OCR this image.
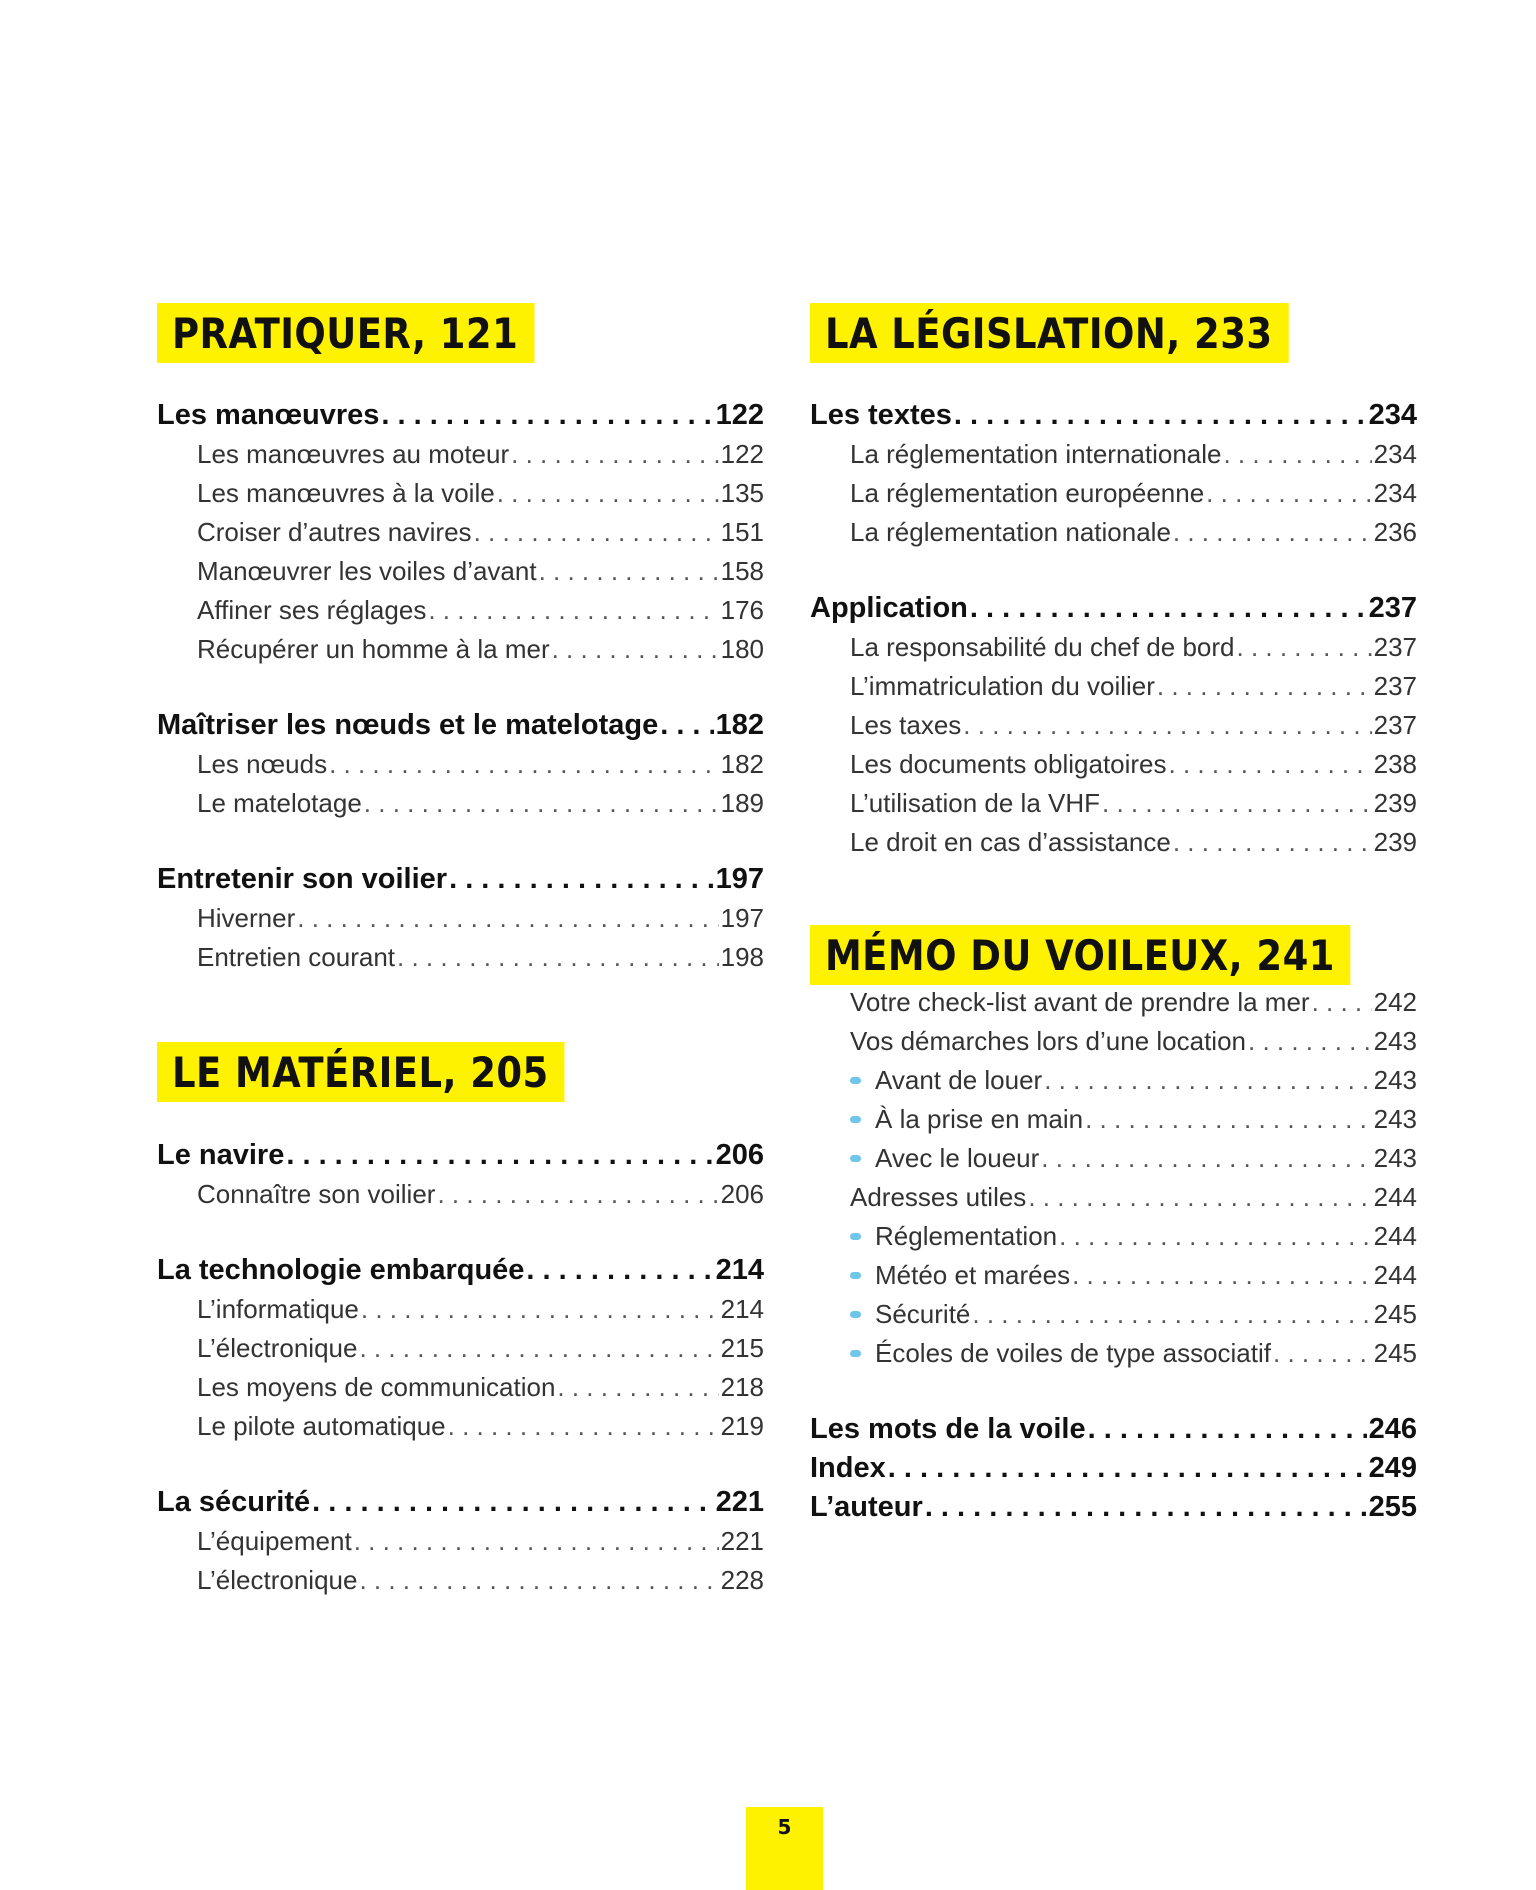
PRATIQUER, 121
Les manœuvres . . .	122
Les manœuvres au moteur . . .	122
Les manœuvres à la voile . . .	135
Croiser d’autres navires . . .	151
Manœuvrer les voiles d’avant . . .	158
Affiner ses réglages . . .	176
Récupérer un homme à la mer . . .	180
Maîtriser les nœuds et le matelotage . . . 182
Les nœuds . . .	182
Le matelotage . . .	189
Entretenir son voilier . . .	197
Hiverner . . .	197
Entretien courant . . .	198
LE MATÉRIEL, 205
Le navire . . .	206
Connaître son voilier . . .	206
La technologie embarquée . . .	214
L’informatique . . .	214
L’électronique . . .	215
Les moyens de communication . . .	218
Le pilote automatique . . .	219
La sécurité . . .	221
L’équipement . . .	221
L’électronique . . .	228
LA LÉGISLATION, 233
Les textes . . .	234
La réglementation internationale . . .	234
La réglementation européenne . . .	234
La réglementation nationale . . .	236
Application . . .	237
La responsabilité du chef de bord . . .	237
L’immatriculation du voilier . . .	237
Les taxes . . .	237
Les documents obligatoires . . .	238
L’utilisation de la VHF . . .	239
Le droit en cas d’assistance . . .	239
MÉMO DU VOILEUX, 241
Votre check-list avant de prendre la mer . . . 242
Vos démarches lors d’une location . . .	243
Avant de louer . . .	243
À la prise en main . . .	243
Avec le loueur . . .	243
Adresses utiles . . .	244
Réglementation . . .	244
Météo et marées . . .	244
Sécurité . . .	245
Écoles de voiles de type associatif . . .	245
Les mots de la voile . . .	246
Index . . .	249
L’auteur . . .	255
5
